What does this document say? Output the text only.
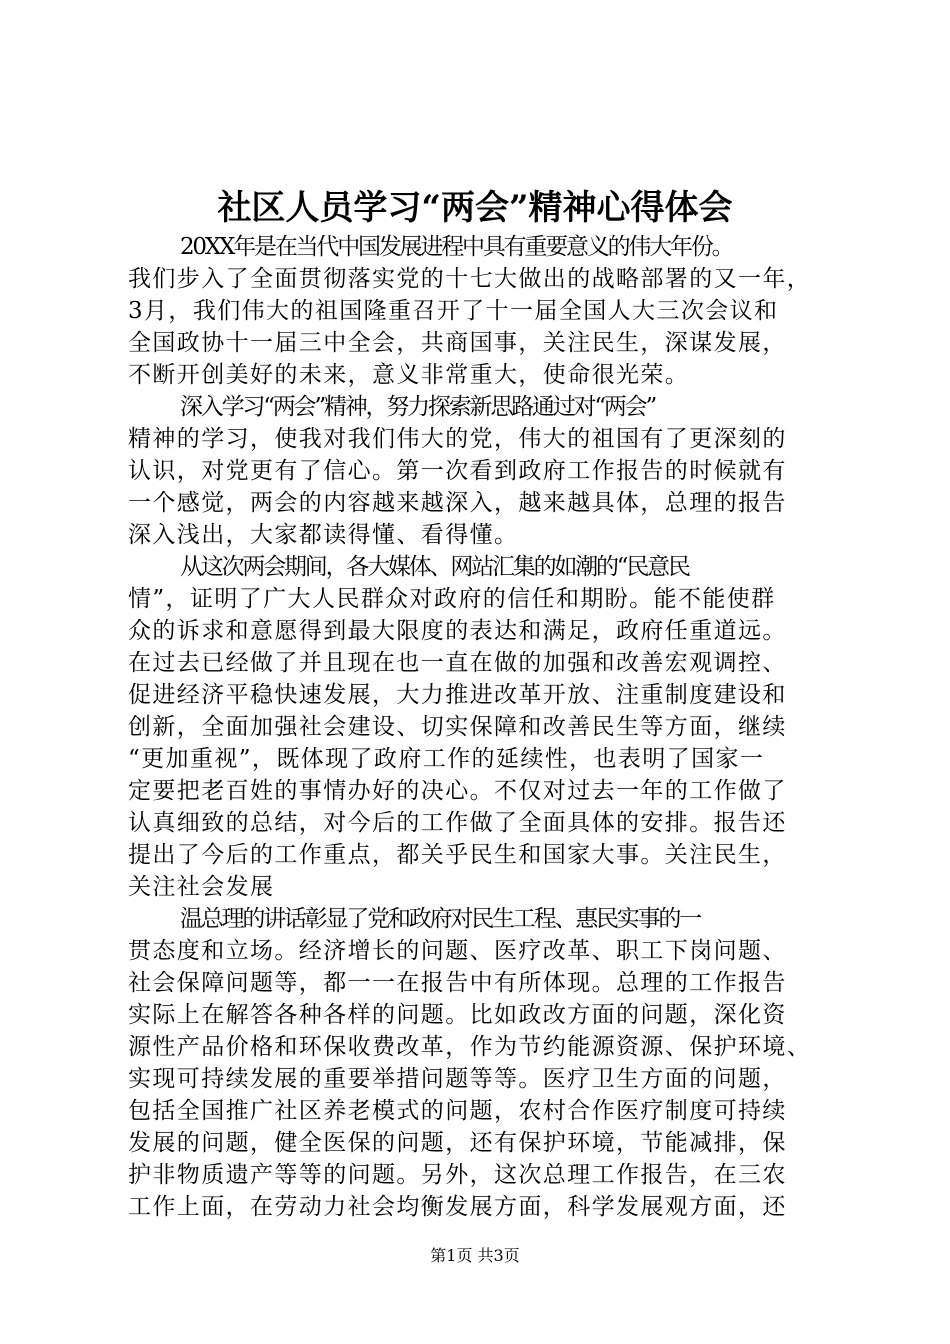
社区人员学习“两会”精神心得体会
20XX年是在当代中国发展进程中具有重要意义的伟大年份。
我们步入了全面贯彻落实党的十七大做出的战略部署的又一年，
3月，我们伟大的祖国隆重召开了十一届全国人大三次会议和
全国政协十一届三中全会，共商国事，关注民生，深谋发展，
不断开创美好的未来，意义非常重大，使命很光荣。
深入学习“两会”精神，努力探索新思路通过对“两会”
精神的学习，使我对我们伟大的党，伟大的祖国有了更深刻的
认识，对党更有了信心。第一次看到政府工作报告的时候就有
一个感觉，两会的内容越来越深入，越来越具体，总理的报告
深入浅出，大家都读得懂、看得懂。
从这次两会期间，各大媒体、网站汇集的如潮的“民意民
情”，证明了广大人民群众对政府的信任和期盼。能不能使群
众的诉求和意愿得到最大限度的表达和满足，政府任重道远。
在过去已经做了并且现在也一直在做的加强和改善宏观调控、
促进经济平稳快速发展，大力推进改革开放、注重制度建设和
创新，全面加强社会建设、切实保障和改善民生等方面，继续
“更加重视”，既体现了政府工作的延续性，也表明了国家一
定要把老百姓的事情办好的决心。不仅对过去一年的工作做了
认真细致的总结，对今后的工作做了全面具体的安排。报告还
提出了今后的工作重点，都关乎民生和国家大事。关注民生，
关注社会发展
温总理的讲话彰显了党和政府对民生工程、惠民实事的一
贯态度和立场。经济增长的问题、医疗改革、职工下岗问题、
社会保障问题等，都一一在报告中有所体现。总理的工作报告
实际上在解答各种各样的问题。比如政改方面的问题，深化资
源性产品价格和环保收费改革，作为节约能源资源、保护环境、
实现可持续发展的重要举措问题等等。医疗卫生方面的问题，
包括全国推广社区养老模式的问题，农村合作医疗制度可持续
发展的问题，健全医保的问题，还有保护环境，节能减排，保
护非物质遗产等等的问题。另外，这次总理工作报告，在三农
工作上面，在劳动力社会均衡发展方面，科学发展观方面，还
第1页 共3页
